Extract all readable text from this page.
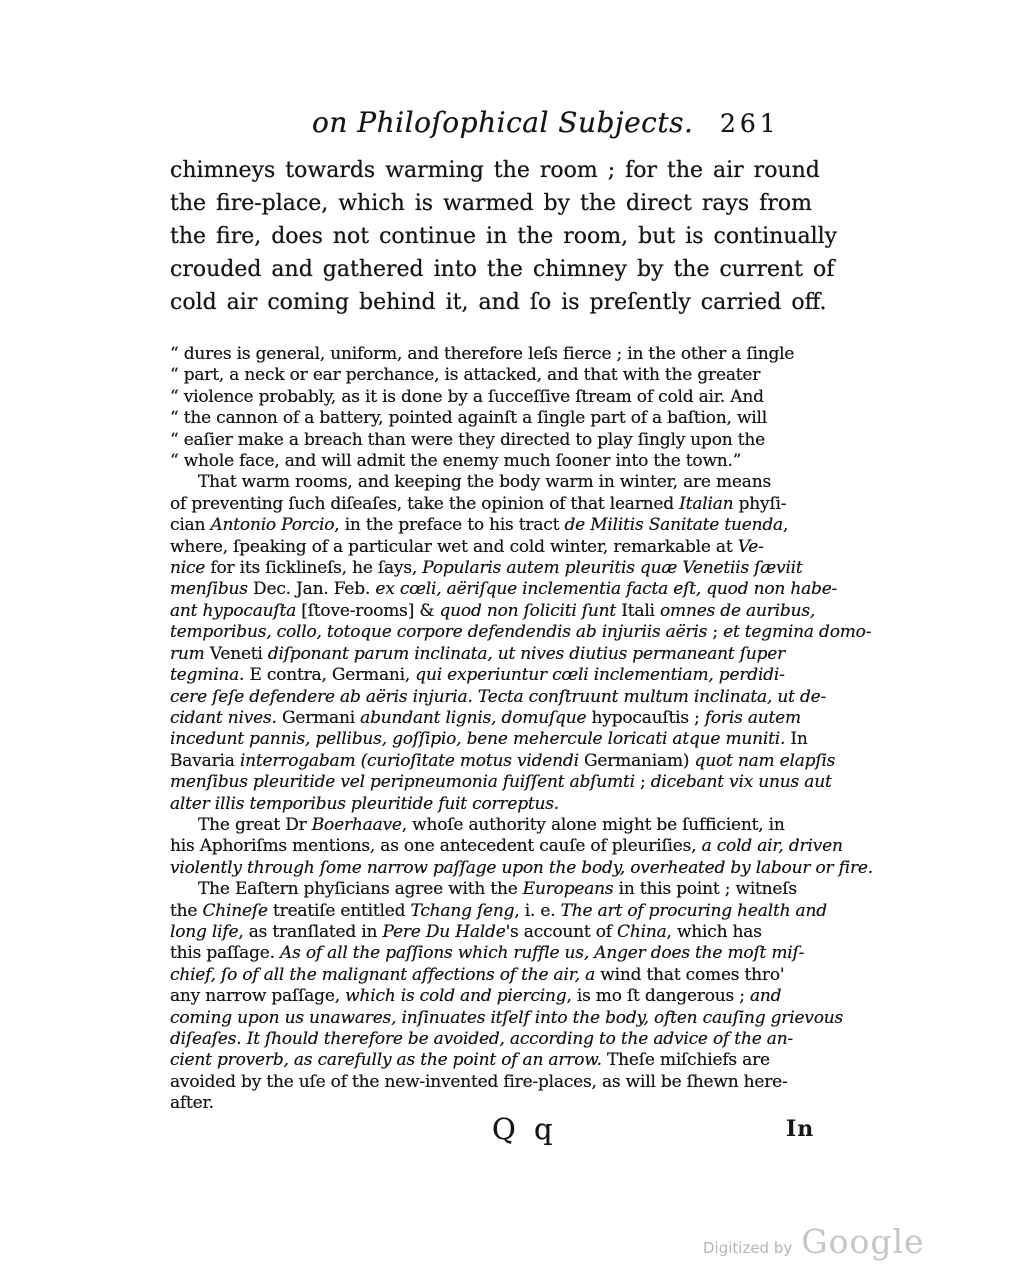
on Philoſophical Subjects. 261
chimneys towards warming the room ; for the air round
the fire-place, which is warmed by the direct rays from
the fire, does not continue in the room, but is continually
crouded and gathered into the chimney by the current of
cold air coming behind it, and ſo is preſently carried off.
“ dures is general, uniform, and therefore leſs fierce ; in the other a ſingle
“ part, a neck or ear perchance, is attacked, and that with the greater
“ violence probably, as it is done by a ſucceſſive ſtream of cold air. And
“ the cannon of a battery, pointed againſt a ſingle part of a baſtion, will
“ eaſier make a breach than were they directed to play ſingly upon the
“ whole face, and will admit the enemy much ſooner into the town.”
That warm rooms, and keeping the body warm in winter, are means
of preventing ſuch diſeaſes, take the opinion of that learned Italian phyſi-
cian Antonio Porcio, in the preface to his tract de Militis Sanitate tuenda,
where, ſpeaking of a particular wet and cold winter, remarkable at Ve-
nice for its ſicklineſs, he ſays, Popularis autem pleuritis quæ Venetiis ſæviit
menſibus Dec. Jan. Feb. ex cœli, aëriſque inclementia facta eſt, quod non habe-
ant hypocauſta [ſtove-rooms] & quod non ſoliciti ſunt Itali omnes de auribus,
temporibus, collo, totoque corpore defendendis ab injuriis aëris ; et tegmina domo-
rum Veneti diſponant parum inclinata, ut nives diutius permaneant ſuper
tegmina. E contra, Germani, qui experiuntur cœli inclementiam, perdidi-
cere ſeſe defendere ab aëris injuria. Tecta conſtruunt multum inclinata, ut de-
cidant nives. Germani abundant lignis, domuſque hypocauſtis ; foris autem
incedunt pannis, pellibus, goſſipio, bene mehercule loricati atque muniti. In
Bavaria interrogabam (curioſitate motus videndi Germaniam) quot nam elapſis
menſibus pleuritide vel peripneumonia fuiſſent abſumti ; dicebant vix unus aut
alter illis temporibus pleuritide fuit correptus.
The great Dr Boerhaave, whoſe authority alone might be ſufficient, in
his Aphoriſms mentions, as one antecedent cauſe of pleuriſies, a cold air, driven
violently through ſome narrow paſſage upon the body, overheated by labour or fire.
The Eaſtern phyſicians agree with the Europeans in this point ; witneſs
the Chineſe treatiſe entitled Tchang ſeng, i. e. The art of procuring health and
long life, as tranſlated in Pere Du Halde's account of China, which has
this paſſage. As of all the paſſions which ruffle us, Anger does the moſt miſ-
chief, ſo of all the malignant affections of the air, a wind that comes thro'
any narrow paſſage, which is cold and piercing, is mo ſt dangerous ; and
coming upon us unawares, inſinuates itſelf into the body, often cauſing grievous
diſeaſes. It ſhould therefore be avoided, according to the advice of the an-
cient proverb, as carefully as the point of an arrow. Theſe miſchiefs are
avoided by the uſe of the new-invented fire-places, as will be ſhewn here-
after.
Q q	In
Digitized by Google
